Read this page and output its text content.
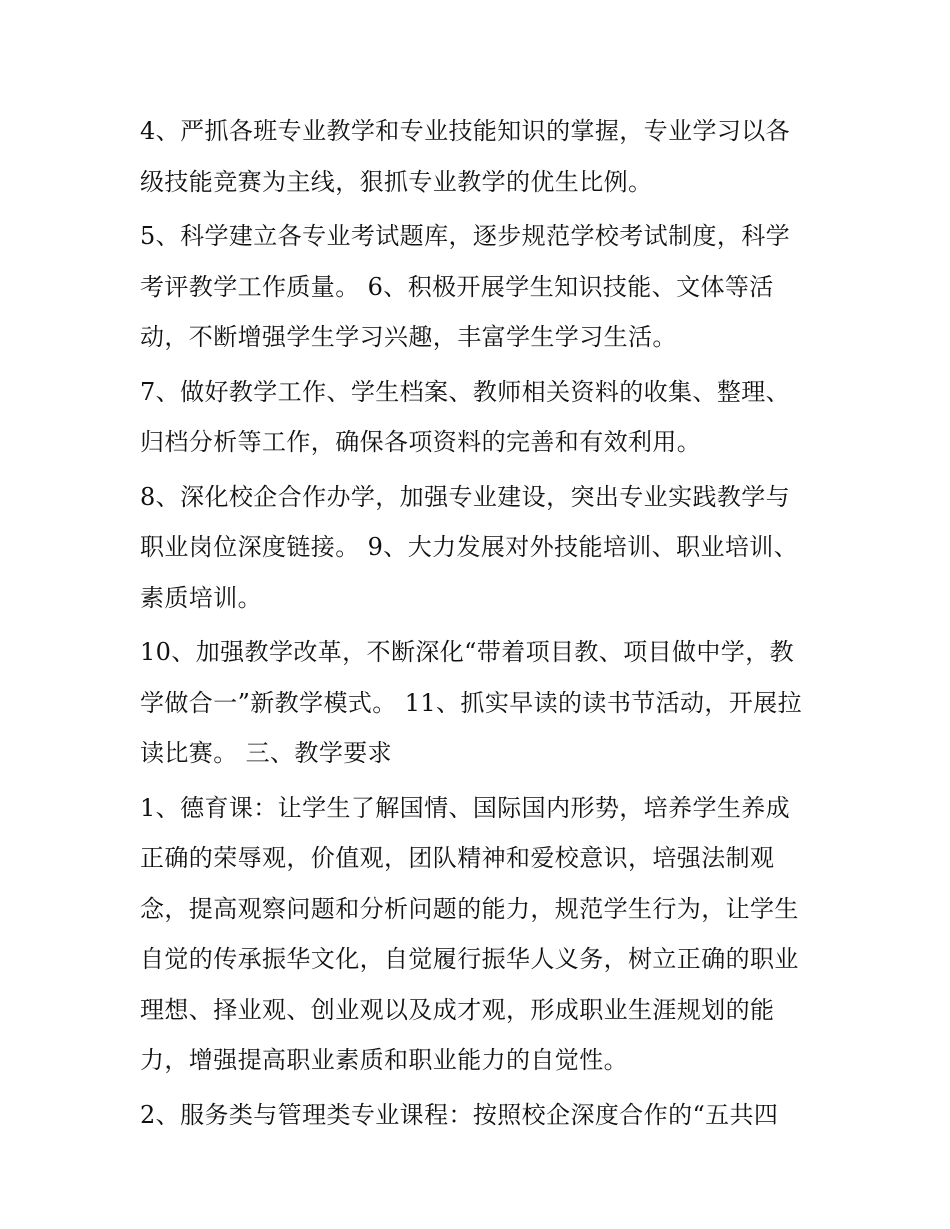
4、严抓各班专业教学和专业技能知识的掌握，专业学习以各
级技能竞赛为主线，狠抓专业教学的优生比例。

5、科学建立各专业考试题库，逐步规范学校考试制度，科学
考评教学工作质量。 6、积极开展学生知识技能、文体等活
动，不断增强学生学习兴趣，丰富学生学习生活。

7、做好教学工作、学生档案、教师相关资料的收集、整理、
归档分析等工作，确保各项资料的完善和有效利用。

8、深化校企合作办学，加强专业建设，突出专业实践教学与
职业岗位深度链接。 9、大力发展对外技能培训、职业培训、
素质培训。

10、加强教学改革，不断深化“带着项目教、项目做中学，教
学做合一”新教学模式。 11、抓实早读的读书节活动，开展拉
读比赛。 三、教学要求

1、德育课：让学生了解国情、国际国内形势，培养学生养成
正确的荣辱观，价值观，团队精神和爱校意识，培强法制观
念，提高观察问题和分析问题的能力，规范学生行为，让学生
自觉的传承振华文化，自觉履行振华人义务，树立正确的职业
理想、择业观、创业观以及成才观，形成职业生涯规划的能
力，增强提高职业素质和职业能力的自觉性。

2、服务类与管理类专业课程：按照校企深度合作的“五共四
